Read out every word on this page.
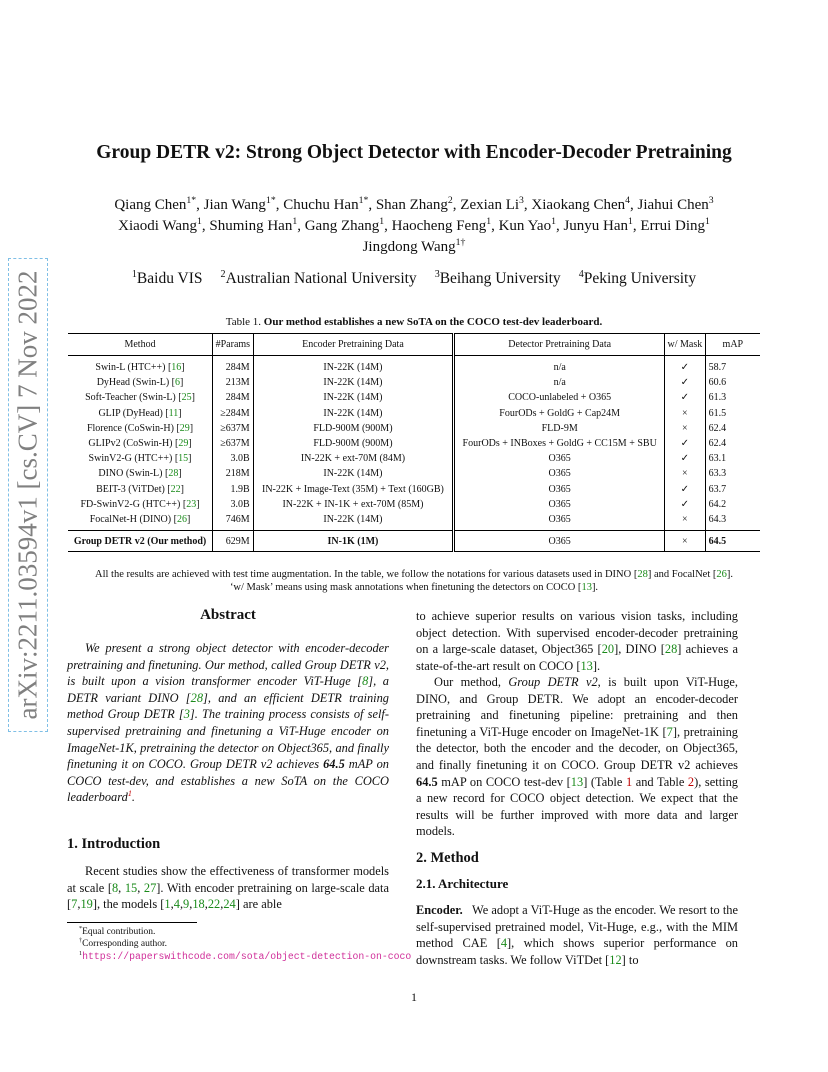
arXiv:2211.03594v1 [cs.CV] 7 Nov 2022
Group DETR v2: Strong Object Detector with Encoder-Decoder Pretraining
Qiang Chen$^{1*}$, Jian Wang$^{1*}$, Chuchu Han$^{1*}$, Shan Zhang$^2$, Zexian Li$^3$, Xiaokang Chen$^4$, Jiahui Chen$^3$
Xiaodi Wang$^1$, Shuming Han$^1$, Gang Zhang$^1$, Haocheng Feng$^1$, Kun Yao$^1$, Junyu Han$^1$, Errui Ding$^1$
Jingdong Wang$^{1\dagger}$
$^1$Baidu VIS $^2$Australian National University $^3$Beihang University $^4$Peking University
Table 1. Our method establishes a new SoTA on the COCO test-dev leaderboard.
Method	#Params	Encoder Pretraining Data	Detector Pretraining Data	w/ Mask	mAP
Swin-L (HTC++) [16]	284M	IN-22K (14M)	n/a	✓	58.7
DyHead (Swin-L) [6]	213M	IN-22K (14M)	n/a	✓	60.6
Soft-Teacher (Swin-L) [25]	284M	IN-22K (14M)	COCO-unlabeled + O365	✓	61.3
GLIP (DyHead) [11]	≥284M	IN-22K (14M)	FourODs + GoldG + Cap24M	×	61.5
Florence (CoSwin-H) [29]	≥637M	FLD-900M (900M)	FLD-9M	×	62.4
GLIPv2 (CoSwin-H) [29]	≥637M	FLD-900M (900M)	FourODs + INBoxes + GoldG + CC15M + SBU	✓	62.4
SwinV2-G (HTC++) [15]	3.0B	IN-22K + ext-70M (84M)	O365	✓	63.1
DINO (Swin-L) [28]	218M	IN-22K (14M)	O365	×	63.3
BEIT-3 (ViTDet) [22]	1.9B	IN-22K + Image-Text (35M) + Text (160GB)	O365	✓	63.7
FD-SwinV2-G (HTC++) [23]	3.0B	IN-22K + IN-1K + ext-70M (85M)	O365	✓	64.2
FocalNet-H (DINO) [26]	746M	IN-22K (14M)	O365	×	64.3
Group DETR v2 (Our method)	629M	IN-1K (1M)	O365	×	64.5
All the results are achieved with test time augmentation. In the table, we follow the notations for various datasets used in DINO [28] and FocalNet [26].
‘w/ Mask’ means using mask annotations when finetuning the detectors on COCO [13].
Abstract
We present a strong object detector with encoder-decoder pretraining and finetuning. Our method, called Group DETR v2, is built upon a vision transformer encoder ViT-Huge [8], a DETR variant DINO [28], and an efficient DETR training method Group DETR [3]. The training process consists of self-supervised pretraining and finetuning a ViT-Huge encoder on ImageNet-1K, pretraining the detector on Object365, and finally finetuning it on COCO. Group DETR v2 achieves 64.5 mAP on COCO test-dev, and establishes a new SoTA on the COCO leaderboard$^1$.
1. Introduction
Recent studies show the effectiveness of transformer models at scale [8, 15, 27]. With encoder pretraining on large-scale data [7,19], the models [1,4,9,18,22,24] are able
*Equal contribution.
†Corresponding author.
$^1$https://paperswithcode.com/sota/object-detection-on-coco
to achieve superior results on various vision tasks, including object detection. With supervised encoder-decoder pretraining on a large-scale dataset, Object365 [20], DINO [28] achieves a state-of-the-art result on COCO [13].
Our method, Group DETR v2, is built upon ViT-Huge, DINO, and Group DETR. We adopt an encoder-decoder pretraining and finetuning pipeline: pretraining and then finetuning a ViT-Huge encoder on ImageNet-1K [7], pretraining the detector, both the encoder and the decoder, on Object365, and finally finetuning it on COCO. Group DETR v2 achieves 64.5 mAP on COCO test-dev [13] (Table 1 and Table 2), setting a new record for COCO object detection. We expect that the results will be further improved with more data and larger models.
2. Method
2.1. Architecture
Encoder. We adopt a ViT-Huge as the encoder. We resort to the self-supervised pretrained model, Vit-Huge, e.g., with the MIM method CAE [4], which shows superior performance on downstream tasks. We follow ViTDet [12] to
1
